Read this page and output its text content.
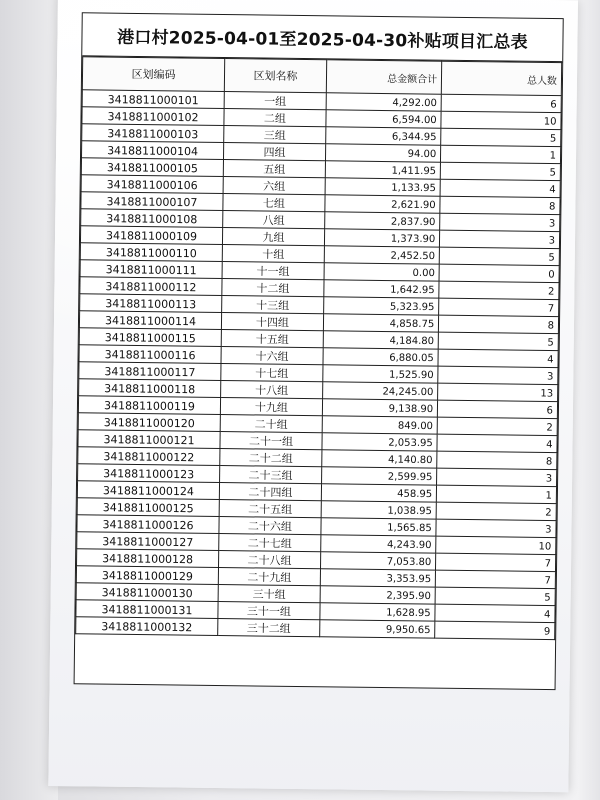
港口村2025-04-01至2025-04-30补贴项目汇总表
区划编码	区划名称	总金额合计	总人数
3418811000101	一组	4,292.00	6
3418811000102	二组	6,594.00	10
3418811000103	三组	6,344.95	5
3418811000104	四组	94.00	1
3418811000105	五组	1,411.95	5
3418811000106	六组	1,133.95	4
3418811000107	七组	2,621.90	8
3418811000108	八组	2,837.90	3
3418811000109	九组	1,373.90	3
3418811000110	十组	2,452.50	5
3418811000111	十一组	0.00	0
3418811000112	十二组	1,642.95	2
3418811000113	十三组	5,323.95	7
3418811000114	十四组	4,858.75	8
3418811000115	十五组	4,184.80	5
3418811000116	十六组	6,880.05	4
3418811000117	十七组	1,525.90	3
3418811000118	十八组	24,245.00	13
3418811000119	十九组	9,138.90	6
3418811000120	二十组	849.00	2
3418811000121	二十一组	2,053.95	4
3418811000122	二十二组	4,140.80	8
3418811000123	二十三组	2,599.95	3
3418811000124	二十四组	458.95	1
3418811000125	二十五组	1,038.95	2
3418811000126	二十六组	1,565.85	3
3418811000127	二十七组	4,243.90	10
3418811000128	二十八组	7,053.80	7
3418811000129	二十九组	3,353.95	7
3418811000130	三十组	2,395.90	5
3418811000131	三十一组	1,628.95	4
3418811000132	三十二组	9,950.65	9
